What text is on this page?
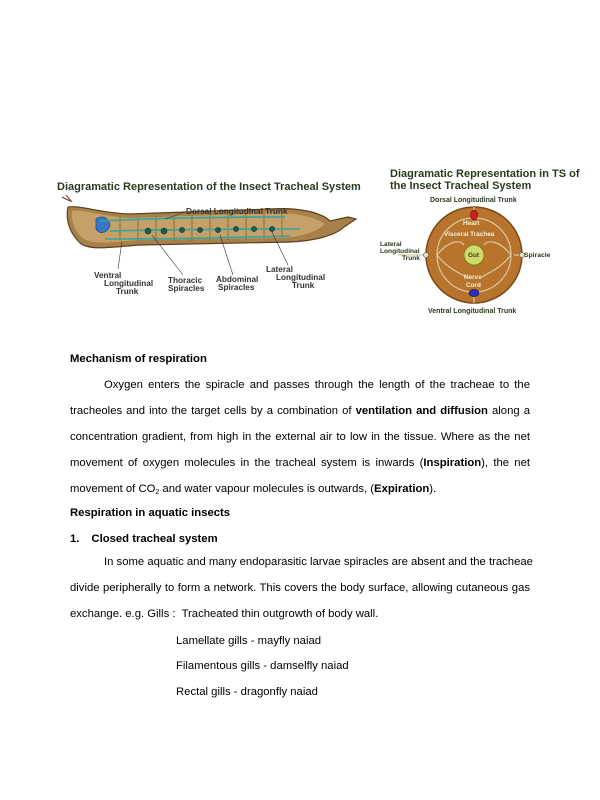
Diagramatic Representation of the Insect Tracheal System
Dorsal Longitudinal Trunk
Ventral
Longitudinal
Trunk
Thoracic
Spiracles
Abdominal
Spiracles
Lateral
Longitudinal
Trunk
Diagramatic Representation in TS of the Insect Tracheal System
Dorsal Longitudinal Trunk
Heart
Visceral Trachea
Gut
Nerve
Cord
Lateral
Longitudinal
Trunk	Spiracle
Ventral Longitudinal Trunk
Mechanism of respiration
Oxygen enters the spiracle and passes through the length of the tracheae to the
tracheoles and into the target cells by a combination of ventilation and diffusion along a
concentration gradient, from high in the external air to low in the tissue. Where as the net
movement of oxygen molecules in the tracheal system is inwards (Inspiration), the net
movement of $CO_2$ and water vapour molecules is outwards, (Expiration).
Respiration in aquatic insects
1. Closed tracheal system
In some aquatic and many endoparasitic larvae spiracles are absent and the tracheae
divide peripherally to form a network. This covers the body surface, allowing cutaneous gas
exchange. e.g. Gills :  Tracheated thin outgrowth of body wall.
Lamellate gills - mayfly naiad
Filamentous gills - damselfly naiad
Rectal gills - dragonfly naiad
